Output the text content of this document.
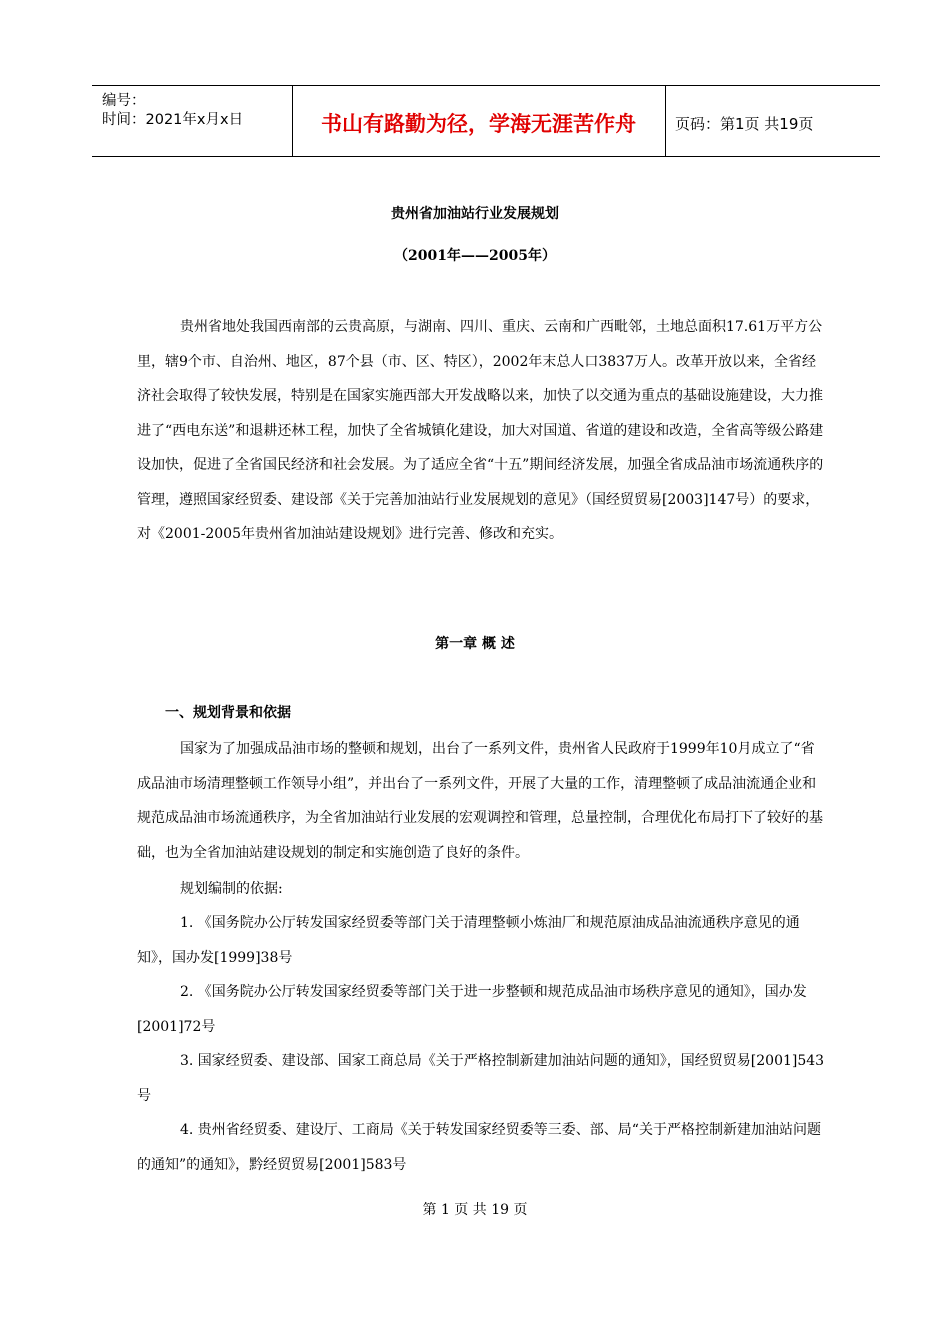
编号：
时间：2021年x月x日	书山有路勤为径，学海无涯苦作舟	页码：第1页 共19页
贵州省加油站行业发展规划
（2001年——2005年）

贵州省地处我国西南部的云贵高原，与湖南、四川、重庆、云南和广西毗邻，土地总面积17.61万平方公里，辖9个市、自治州、地区，87个县（市、区、特区），2002年末总人口3837万人。改革开放以来，全省经济社会取得了较快发展，特别是在国家实施西部大开发战略以来，加快了以交通为重点的基础设施建设，大力推进了“西电东送”和退耕还林工程，加快了全省城镇化建设，加大对国道、省道的建设和改造，全省高等级公路建设加快，促进了全省国民经济和社会发展。为了适应全省“十五”期间经济发展，加强全省成品油市场流通秩序的管理，遵照国家经贸委、建设部《关于完善加油站行业发展规划的意见》（国经贸贸易[2003]147号）的要求，对《2001-2005年贵州省加油站建设规划》进行完善、修改和充实。

第一章 概 述

一、规划背景和依据

国家为了加强成品油市场的整顿和规划，出台了一系列文件，贵州省人民政府于1999年10月成立了“省成品油市场清理整顿工作领导小组”，并出台了一系列文件，开展了大量的工作，清理整顿了成品油流通企业和规范成品油市场流通秩序，为全省加油站行业发展的宏观调控和管理，总量控制，合理优化布局打下了较好的基础，也为全省加油站建设规划的制定和实施创造了良好的条件。

规划编制的依据:

1. 《国务院办公厅转发国家经贸委等部门关于清理整顿小炼油厂和规范原油成品油流通秩序意见的通知》，国办发[1999]38号

2. 《国务院办公厅转发国家经贸委等部门关于进一步整顿和规范成品油市场秩序意见的通知》，国办发[2001]72号

3. 国家经贸委、建设部、国家工商总局《关于严格控制新建加油站问题的通知》，国经贸贸易[2001]543号

4. 贵州省经贸委、建设厅、工商局《关于转发国家经贸委等三委、部、局“关于严格控制新建加油站问题的通知”的通知》，黔经贸贸易[2001]583号

第 1 页 共 19 页
